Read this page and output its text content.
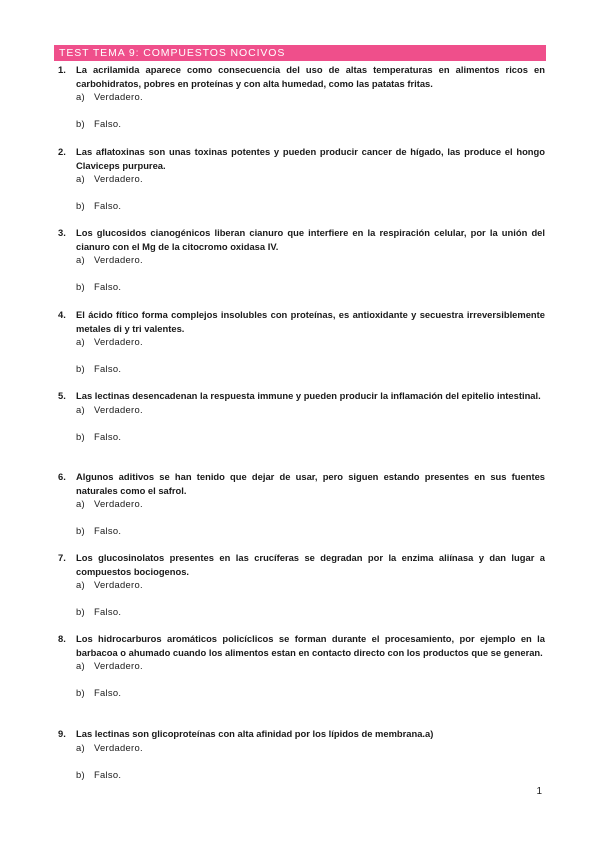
TEST TEMA 9: COMPUESTOS NOCIVOS
1.	La acrilamida aparece como consecuencia del uso de altas temperaturas en alimentos ricos en carbohidratos, pobres en proteínas y con alta humedad, como las patatas fritas.
a) Verdadero.
b) Falso.
2.	Las aflatoxinas son unas toxinas potentes y pueden producir cancer de hígado, las produce el hongo Claviceps purpurea.
a) Verdadero.
b) Falso.
3.	Los glucosidos cianogénicos liberan cianuro que interfiere en la respiración celular, por la unión del cianuro con el Mg de la citocromo oxidasa IV.
a) Verdadero.
b) Falso.
4.	El ácido fítico forma complejos insolubles con proteínas, es antioxidante y secuestra irreversiblemente metales di y tri valentes.
a) Verdadero.
b) Falso.
5.	Las lectinas desencadenan la respuesta immune y pueden producir la inflamación del epitelio intestinal.
a) Verdadero.
b) Falso.
6.	Algunos aditivos se han tenido que dejar de usar, pero siguen estando presentes en sus fuentes naturales como el safrol.
a) Verdadero.
b) Falso.
7.	Los glucosinolatos presentes en las crucíferas se degradan por la enzima aliínasa y dan lugar a compuestos bociogenos.
a) Verdadero.
b) Falso.
8.	Los hidrocarburos aromáticos policíclicos se forman durante el procesamiento, por ejemplo en la barbacoa o ahumado cuando los alimentos estan en contacto directo con los productos que se generan.
a) Verdadero.
b) Falso.
9.	Las lectinas son glicoproteínas con alta afinidad por los lípidos de membrana.a)
a) Verdadero.
b) Falso.
1
